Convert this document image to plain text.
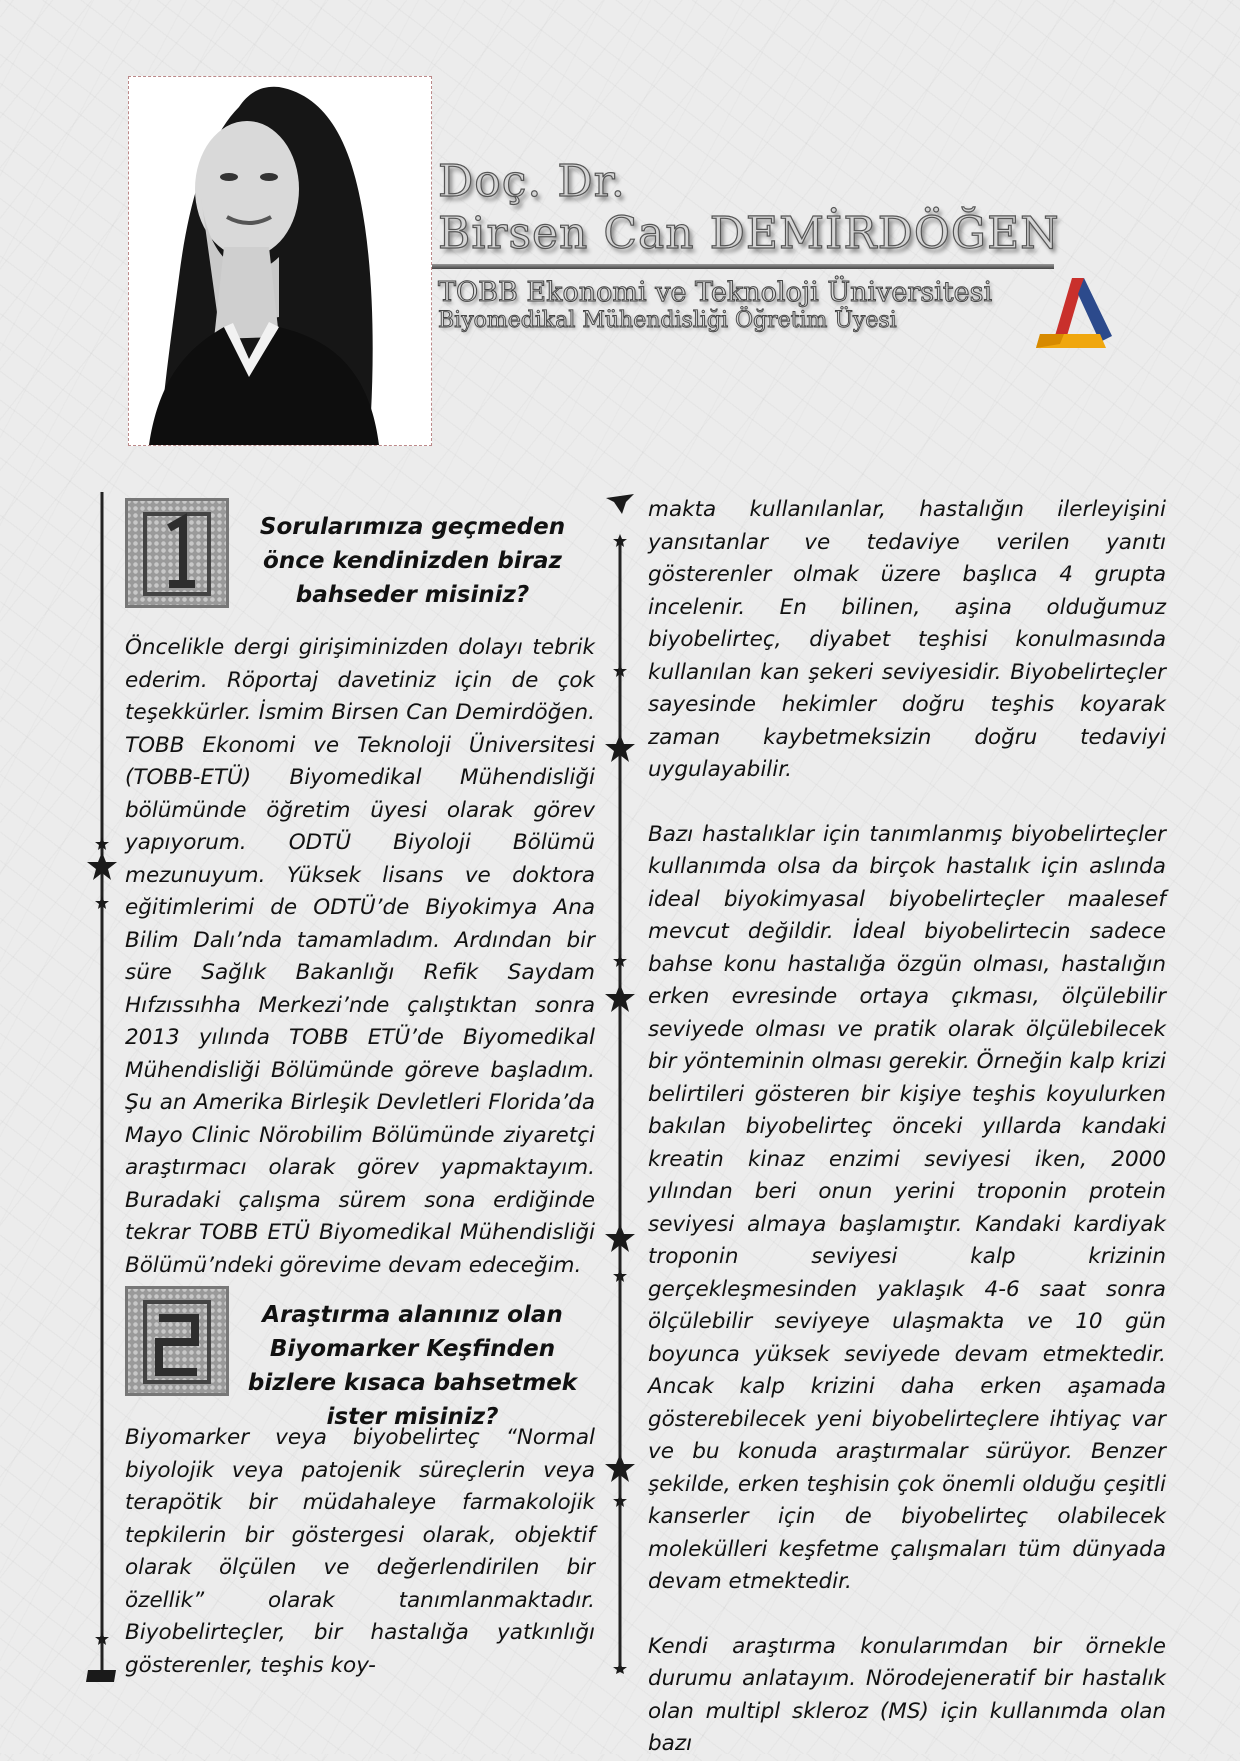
Doç. Dr.
Birsen Can DEMİRDÖĞEN
TOBB Ekonomi ve Teknoloji Üniversitesi
Biyomedikal Mühendisliği Öğretim Üyesi
Sorularımıza geçmeden önce kendinizden biraz bahseder misiniz?

Öncelikle dergi girişiminizden dolayı tebrik ederim. Röportaj davetiniz için de çok teşekkürler. İsmim Birsen Can Demirdöğen. TOBB Ekonomi ve Teknoloji Üniversitesi (TOBB-ETÜ) Biyomedikal Mühendisliği bölümünde öğretim üyesi olarak görev yapıyorum. ODTÜ Biyoloji Bölümü mezunuyum. Yüksek lisans ve doktora eğitimlerimi de ODTÜ’de Biyokimya Ana Bilim Dalı’nda tamamladım. Ardından bir süre Sağlık Bakanlığı Refik Saydam Hıfzıssıhha Merkezi’nde çalıştıktan sonra 2013 yılında TOBB ETÜ’de Biyomedikal Mühendisliği Bölümünde göreve başladım. Şu an Amerika Birleşik Devletleri Florida’da Mayo Clinic Nörobilim Bölümünde ziyaretçi araştırmacı olarak görev yapmaktayım. Buradaki çalışma sürem sona erdiğinde tekrar TOBB ETÜ Biyomedikal Mühendisliği Bölümü’ndeki görevime devam edeceğim.

Araştırma alanınız olan Biyomarker Keşfinden bizlere kısaca bahsetmek ister misiniz?

Biyomarker veya biyobelirteç “Normal biyolojik veya patojenik süreçlerin veya terapötik bir müdahaleye farmakolojik tepkilerin bir göstergesi olarak, objektif olarak ölçülen ve değerlendirilen bir özellik” olarak tanımlanmaktadır. Biyobelirteçler, bir hastalığa yatkınlığı gösterenler, teşhis koy-

makta kullanılanlar, hastalığın ilerleyişini yansıtanlar ve tedaviye verilen yanıtı gösterenler olmak üzere başlıca 4 grupta incelenir. En bilinen, aşina olduğumuz biyobelirteç, diyabet teşhisi konulmasında kullanılan kan şekeri seviyesidir. Biyobelirteçler sayesinde hekimler doğru teşhis koyarak zaman kaybetmeksizin doğru tedaviyi uygulayabilir.

Bazı hastalıklar için tanımlanmış biyobelirteçler kullanımda olsa da birçok hastalık için aslında ideal biyokimyasal biyobelirteçler maalesef mevcut değildir. İdeal biyobelirtecin sadece bahse konu hastalığa özgün olması, hastalığın erken evresinde ortaya çıkması, ölçülebilir seviyede olması ve pratik olarak ölçülebilecek bir yönteminin olması gerekir. Örneğin kalp krizi belirtileri gösteren bir kişiye teşhis koyulurken bakılan biyobelirteç önceki yıllarda kandaki kreatin kinaz enzimi seviyesi iken, 2000 yılından beri onun yerini troponin protein seviyesi almaya başlamıştır. Kandaki kardiyak troponin seviyesi kalp krizinin gerçekleşmesinden yaklaşık 4-6 saat sonra ölçülebilir seviyeye ulaşmakta ve 10 gün boyunca yüksek seviyede devam etmektedir. Ancak kalp krizini daha erken aşamada gösterebilecek yeni biyobelirteçlere ihtiyaç var ve bu konuda araştırmalar sürüyor. Benzer şekilde, erken teşhisin çok önemli olduğu çeşitli kanserler için de biyobelirteç olabilecek molekülleri keşfetme çalışmaları tüm dünyada devam etmektedir.

Kendi araştırma konularımdan bir örnekle durumu anlatayım. Nörodejeneratif bir hastalık olan multipl skleroz (MS) için kullanımda olan bazı
